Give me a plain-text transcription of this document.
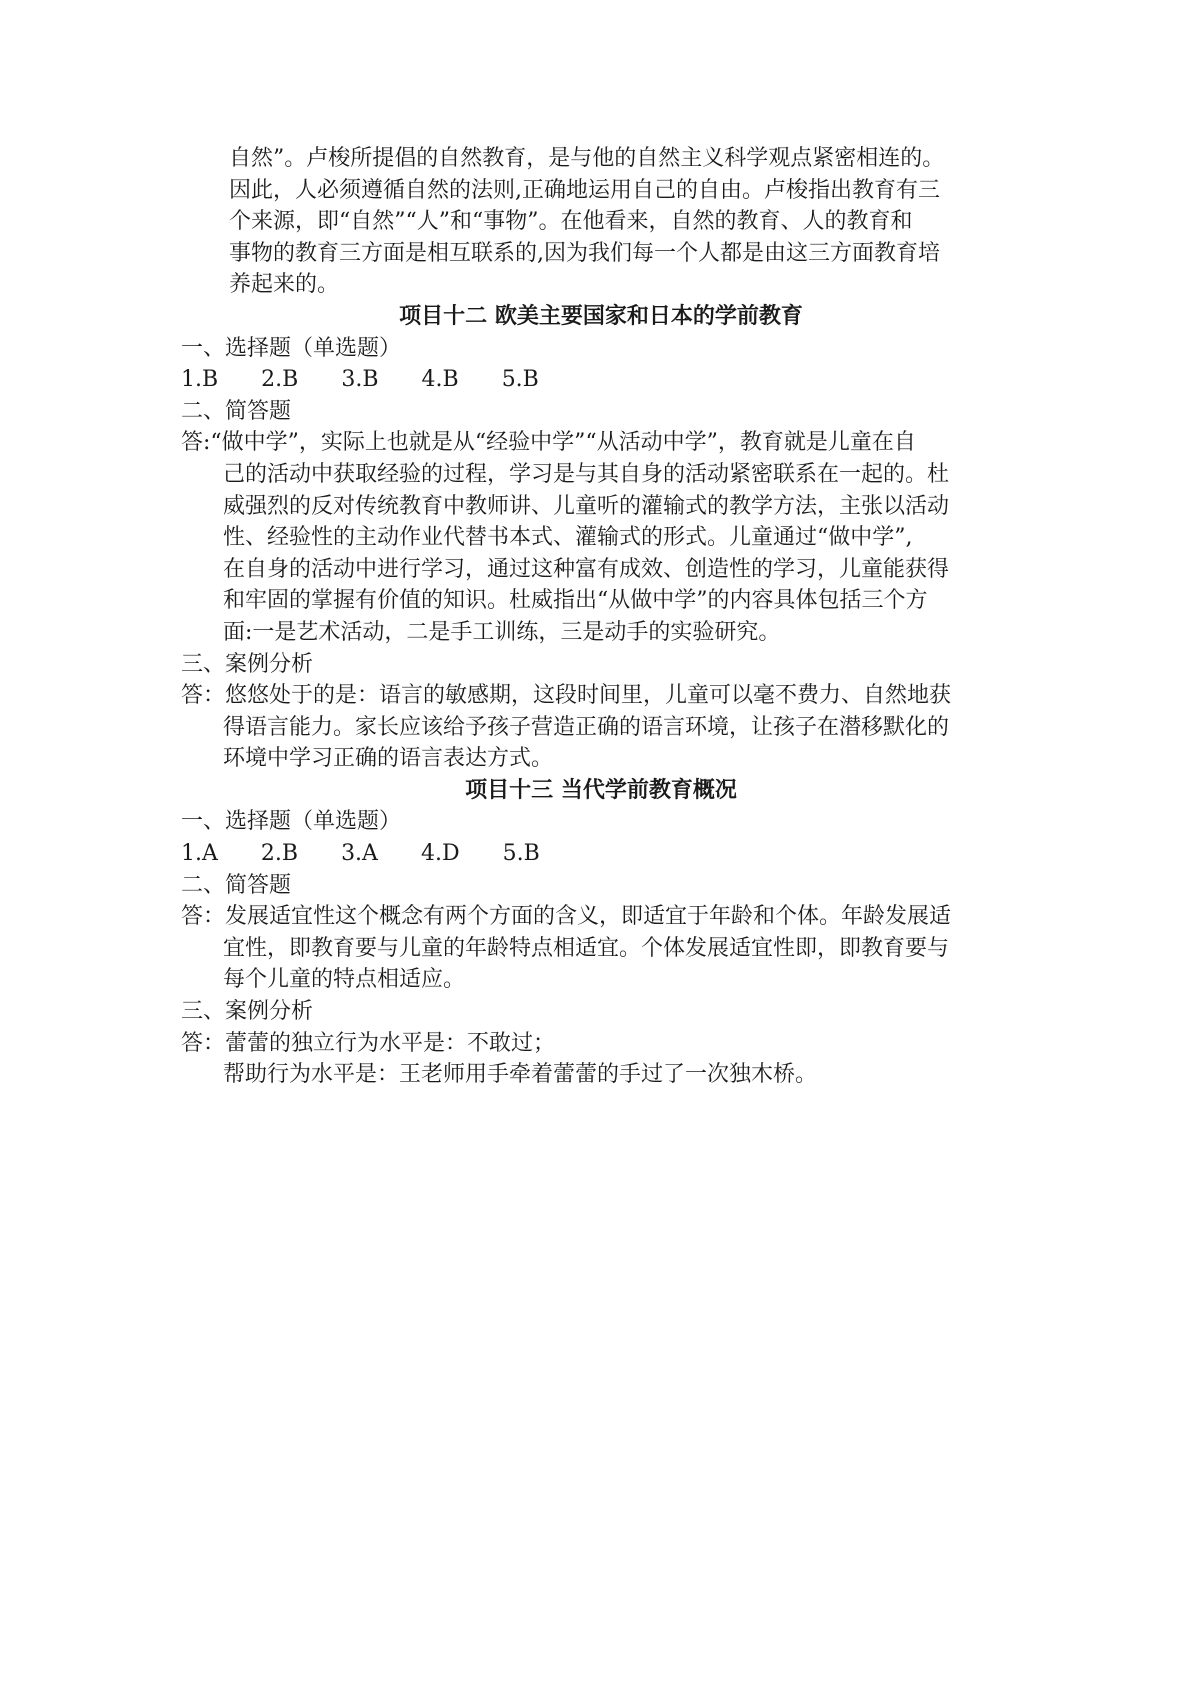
自然”。卢梭所提倡的自然教育，是与他的自然主义科学观点紧密相连的。
因此，人必须遵循自然的法则,正确地运用自己的自由。卢梭指出教育有三
个来源，即“自然”“人”和“事物”。在他看来，自然的教育、人的教育和
事物的教育三方面是相互联系的,因为我们每一个人都是由这三方面教育培
养起来的。
项目十二 欧美主要国家和日本的学前教育
一、选择题（单选题）
1.B 2.B 3.B 4.B 5.B
二、简答题
答:“做中学”，实际上也就是从“经验中学”“从活动中学”，教育就是儿童在自
己的活动中获取经验的过程，学习是与其自身的活动紧密联系在一起的。杜
威强烈的反对传统教育中教师讲、儿童听的灌输式的教学方法，主张以活动
性、经验性的主动作业代替书本式、灌输式的形式。儿童通过“做中学”,
在自身的活动中进行学习，通过这种富有成效、创造性的学习，儿童能获得
和牢固的掌握有价值的知识。杜威指出“从做中学”的内容具体包括三个方
面:一是艺术活动，二是手工训练，三是动手的实验研究。
三、案例分析
答：悠悠处于的是：语言的敏感期，这段时间里，儿童可以毫不费力、自然地获
得语言能力。家长应该给予孩子营造正确的语言环境，让孩子在潜移默化的
环境中学习正确的语言表达方式。
项目十三 当代学前教育概况
一、选择题（单选题）
1.A 2.B 3.A 4.D 5.B
二、简答题
答：发展适宜性这个概念有两个方面的含义，即适宜于年龄和个体。年龄发展适
宜性，即教育要与儿童的年龄特点相适宜。个体发展适宜性即，即教育要与
每个儿童的特点相适应。
三、案例分析
答：蕾蕾的独立行为水平是：不敢过；
帮助行为水平是：王老师用手牵着蕾蕾的手过了一次独木桥。
